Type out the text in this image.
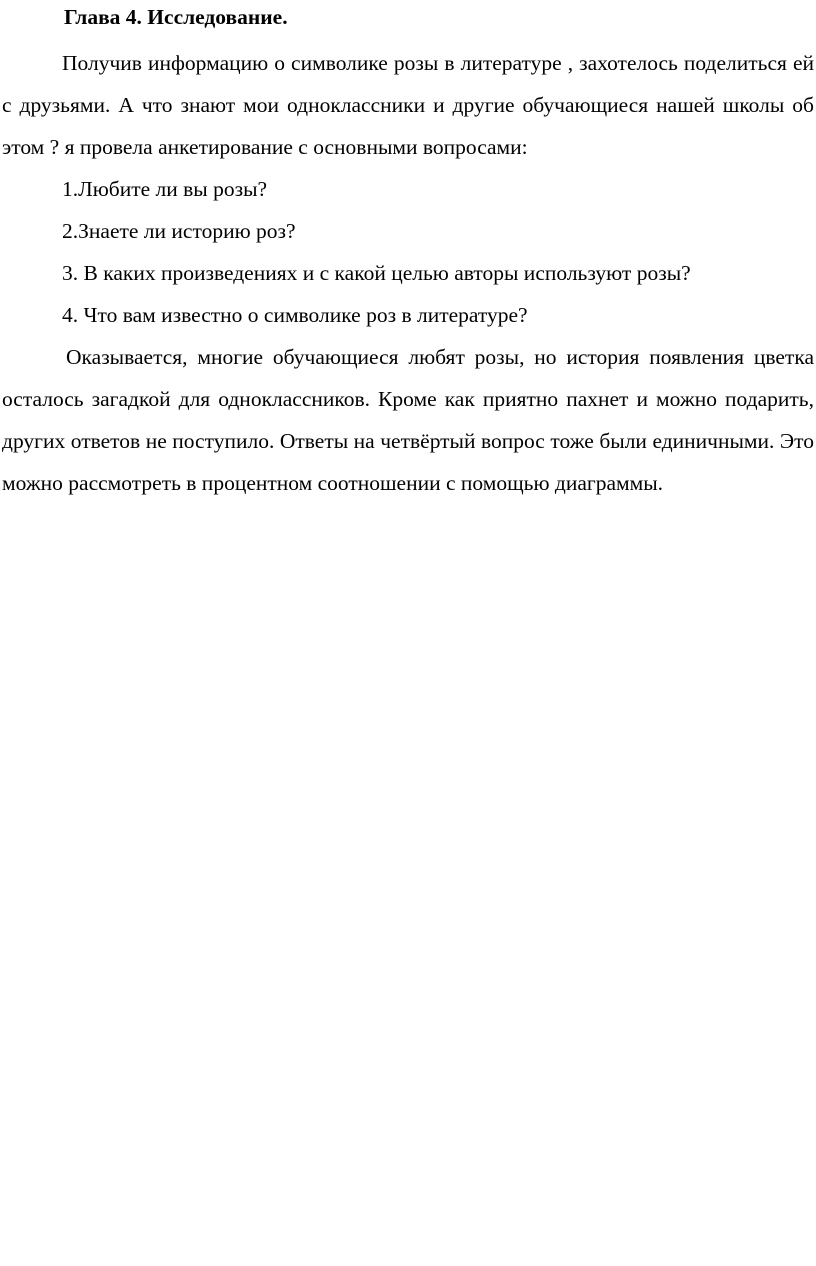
Глава 4. Исследование.

Получив информацию о символике розы в литературе , захотелось поделиться ей с друзьями. А что знают мои одноклассники и другие обучающиеся нашей школы об этом ? я провела анкетирование с основными вопросами:

1.Любите ли вы розы?

2.Знаете ли историю роз?

3. В каких произведениях и с какой целью авторы используют розы?

4. Что вам известно о символике роз в литературе?

Оказывается, многие обучающиеся любят розы, но история появления цветка осталось загадкой для одноклассников. Кроме как приятно пахнет и можно подарить, других ответов не поступило. Ответы на четвёртый вопрос тоже были единичными. Это можно рассмотреть в процентном соотношении с помощью диаграммы.
